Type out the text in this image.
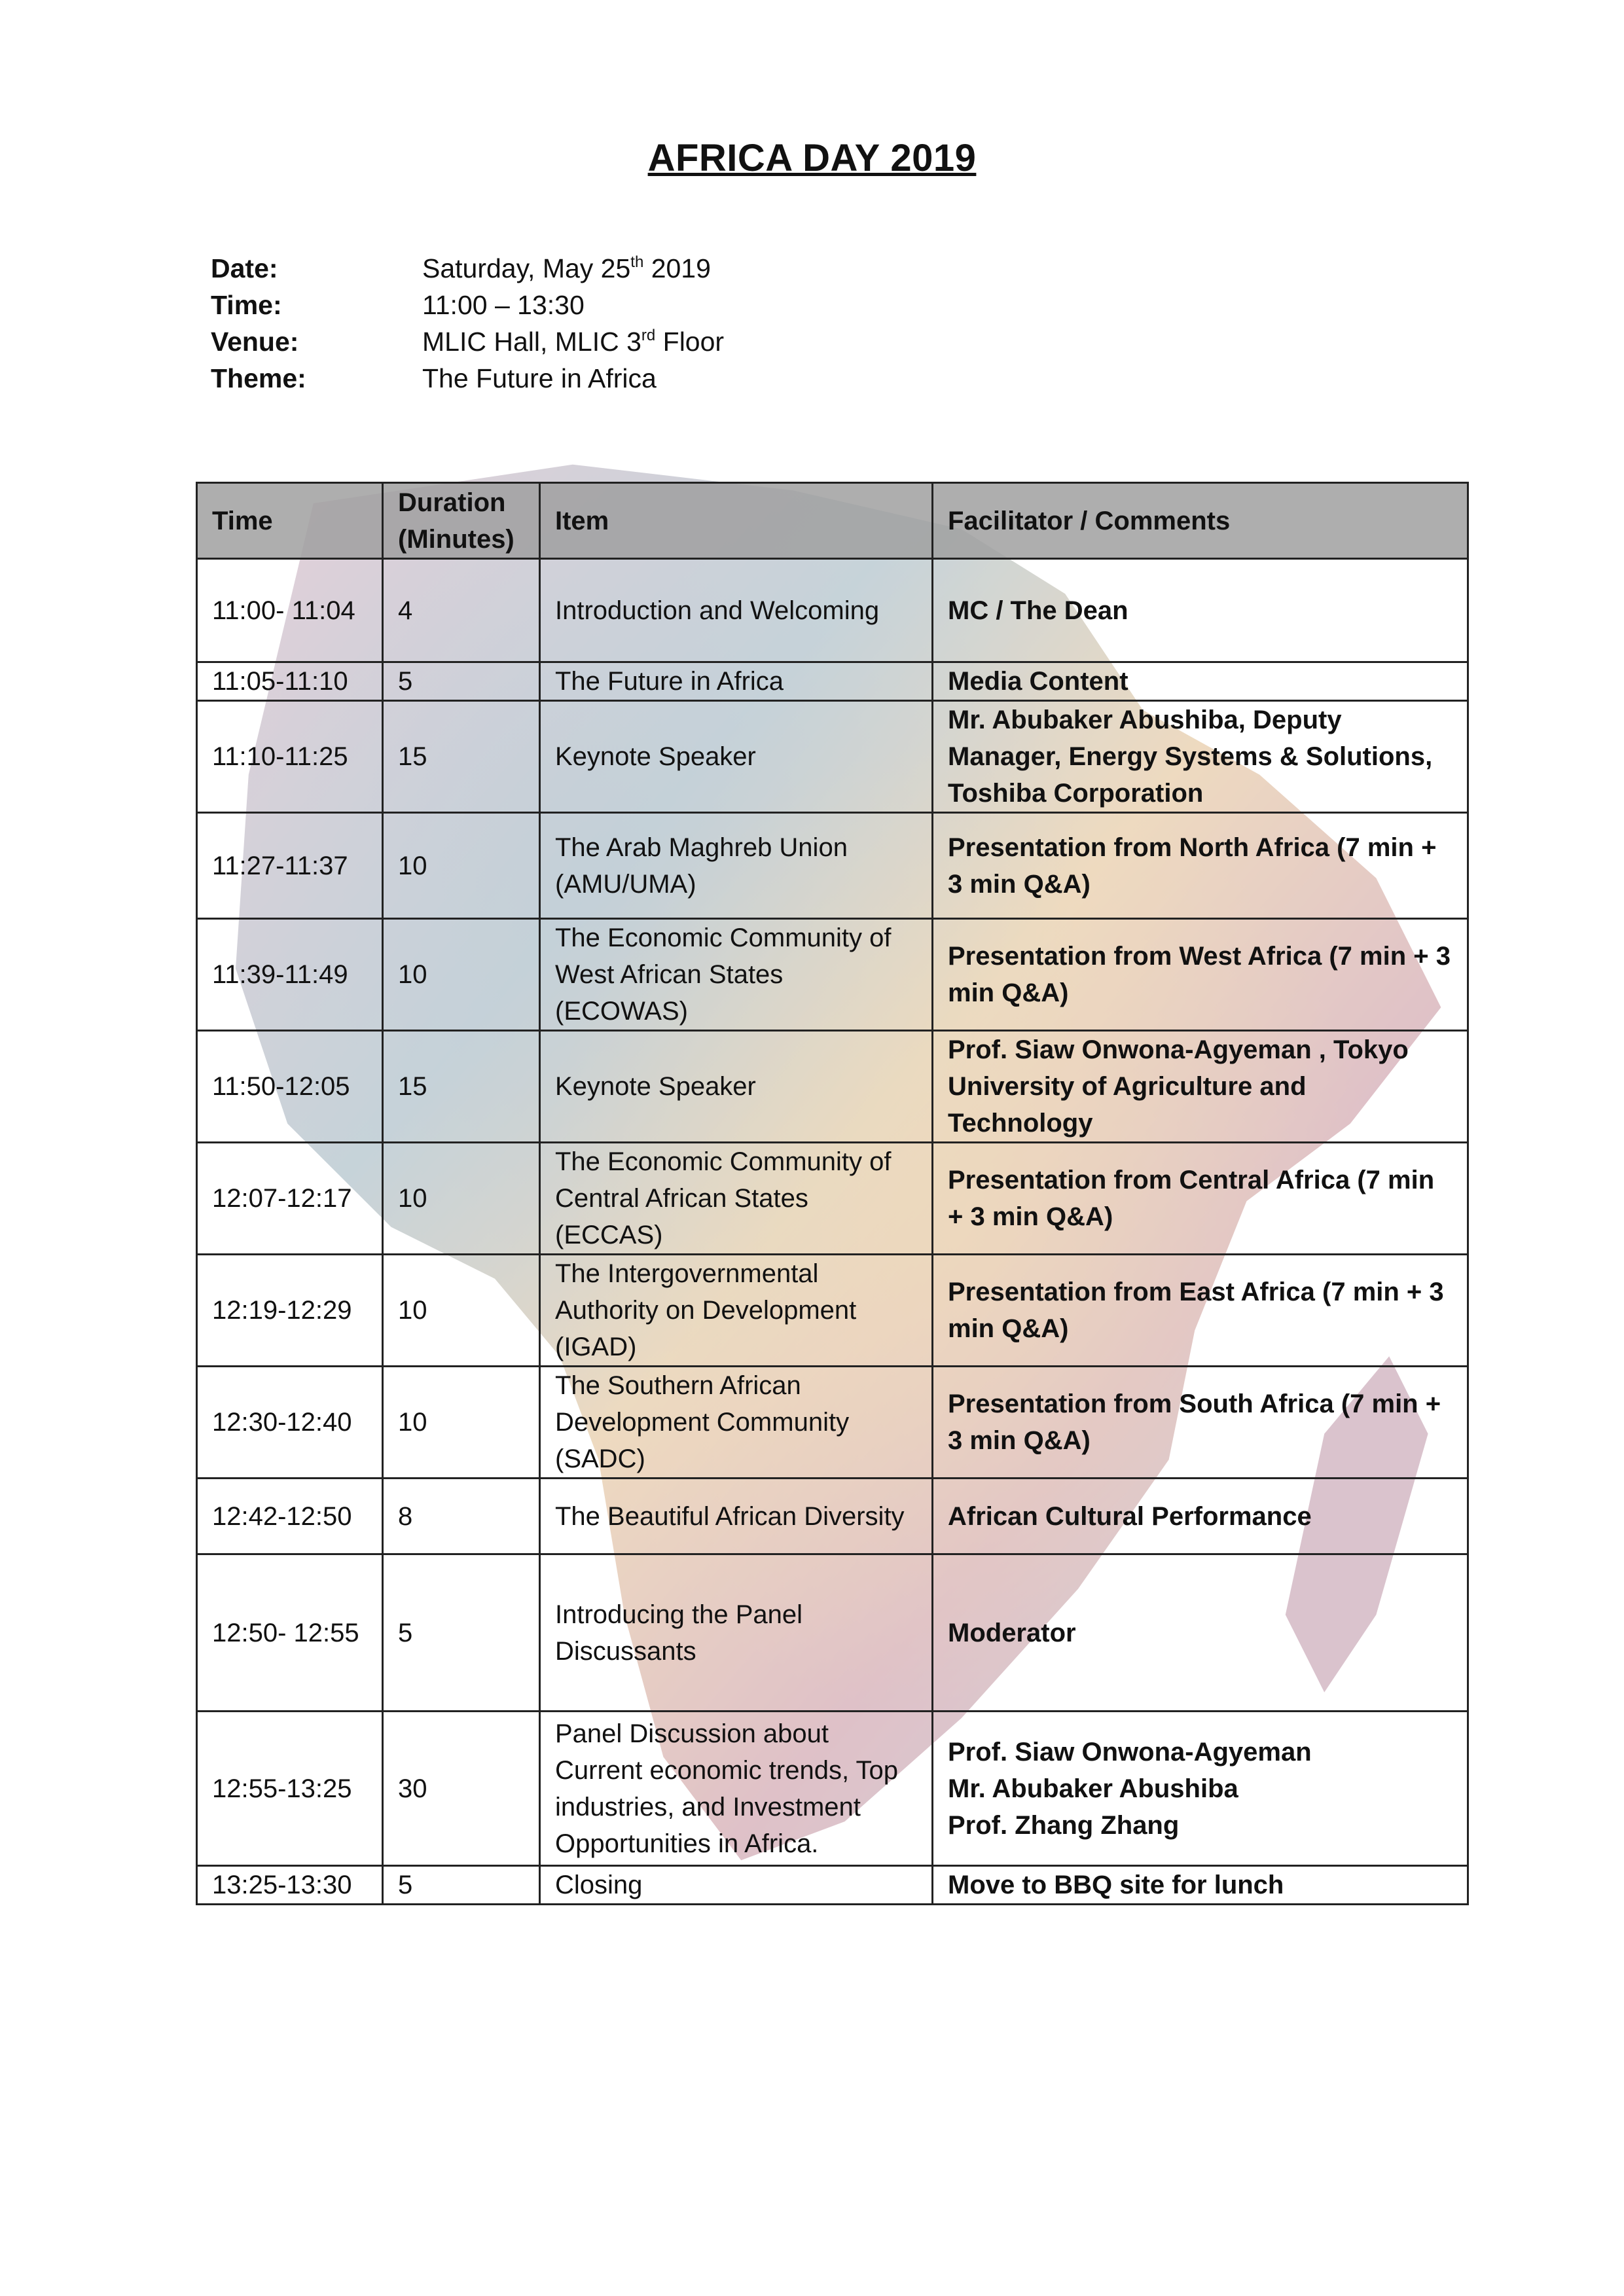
AFRICA DAY 2019
Date:	Saturday, May 25th 2019
Time:	11:00 – 13:30
Venue:	MLIC Hall, MLIC 3rd Floor
Theme:	The Future in Africa
Time	Duration (Minutes)	Item	Facilitator / Comments
11:00- 11:04	4	Introduction and Welcoming	MC / The Dean
11:05-11:10	5	The Future in Africa	Media Content
11:10-11:25	15	Keynote Speaker	Mr. Abubaker Abushiba, Deputy Manager, Energy Systems & Solutions, Toshiba Corporation
11:27-11:37	10	The Arab Maghreb Union (AMU/UMA)	Presentation from North Africa (7 min + 3 min Q&A)
11:39-11:49	10	The Economic Community of West African States (ECOWAS)	Presentation from West Africa (7 min + 3 min Q&A)
11:50-12:05	15	Keynote Speaker	Prof. Siaw Onwona-Agyeman , Tokyo University of Agriculture and Technology
12:07-12:17	10	The Economic Community of Central African States (ECCAS)	Presentation from Central Africa (7 min + 3 min Q&A)
12:19-12:29	10	The Intergovernmental Authority on Development (IGAD)	Presentation from East Africa (7 min + 3 min Q&A)
12:30-12:40	10	The Southern African Development Community (SADC)	Presentation from South Africa (7 min + 3 min Q&A)
12:42-12:50	8	The Beautiful African Diversity	African Cultural Performance
12:50- 12:55	5	Introducing the Panel Discussants	Moderator
12:55-13:25	30	Panel Discussion about Current economic trends, Top industries, and Investment Opportunities in Africa.	Prof. Siaw Onwona-Agyeman
Mr. Abubaker Abushiba
Prof. Zhang Zhang
13:25-13:30	5	Closing	Move to BBQ site for lunch
